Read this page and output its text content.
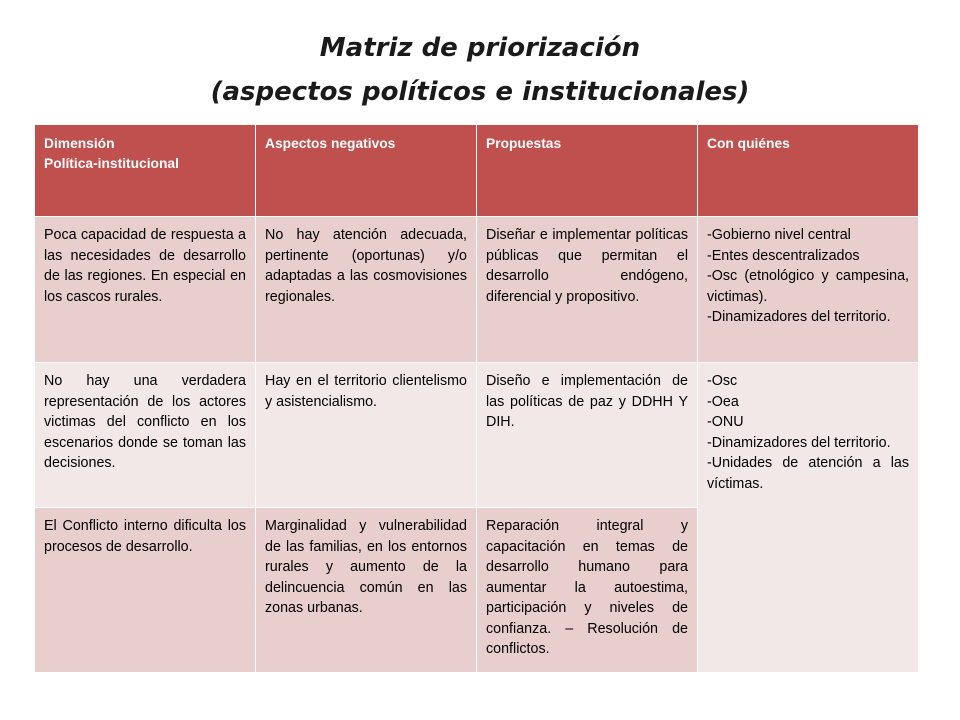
Matriz de priorización
(aspectos políticos e institucionales)
Dimensión
Política-institucional	Aspectos negativos	Propuestas	Con quiénes
Poca capacidad de respuesta a las necesidades de desarrollo de las regiones. En especial en los cascos rurales.	No hay atención adecuada, pertinente (oportunas) y/o adaptadas a las cosmovisiones regionales.	Diseñar e implementar políticas públicas que permitan el desarrollo endógeno, diferencial y propositivo.	-Gobierno nivel central
-Entes descentralizados
-Osc (etnológico y campesina, victimas).
-Dinamizadores del territorio.

No hay una verdadera representación de los actores victimas del conflicto en los escenarios donde se toman las decisiones.	Hay en el territorio clientelismo y asistencialismo.	Diseño e implementación de las políticas de paz y DDHH Y DIH.	-Osc
-Oea
-ONU
-Dinamizadores del territorio.
-Unidades de atención a las víctimas.

El Conflicto interno dificulta los procesos de desarrollo.	Marginalidad y vulnerabilidad de las familias, en los entornos rurales y aumento de la delincuencia común en las zonas urbanas.	Reparación integral y capacitación en temas de desarrollo humano para aumentar la autoestima, participación y niveles de confianza. – Resolución de conflictos.	
